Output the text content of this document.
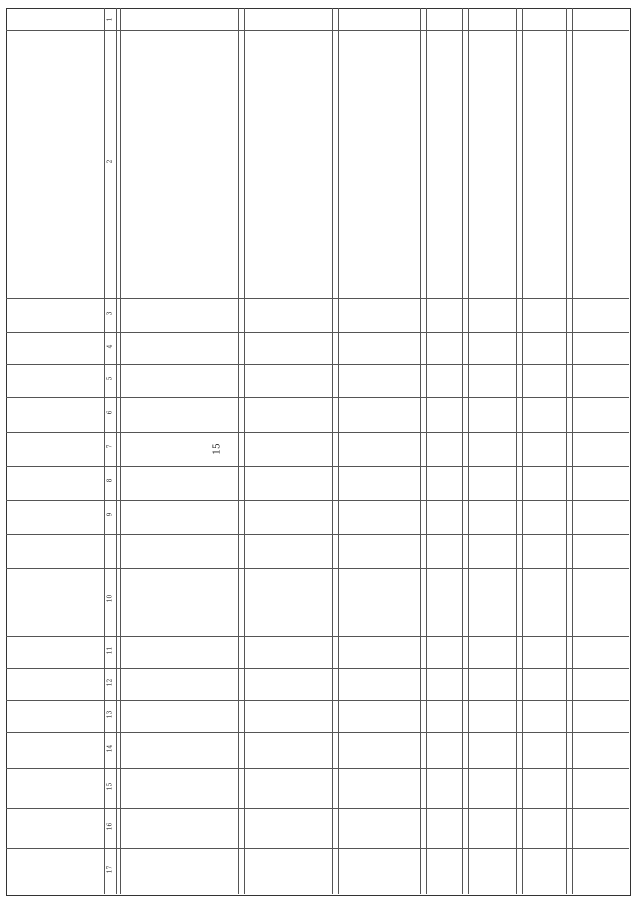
15
1
2
3
4
5
6
7
8
9
10
11
12
13
14
15
16
17
